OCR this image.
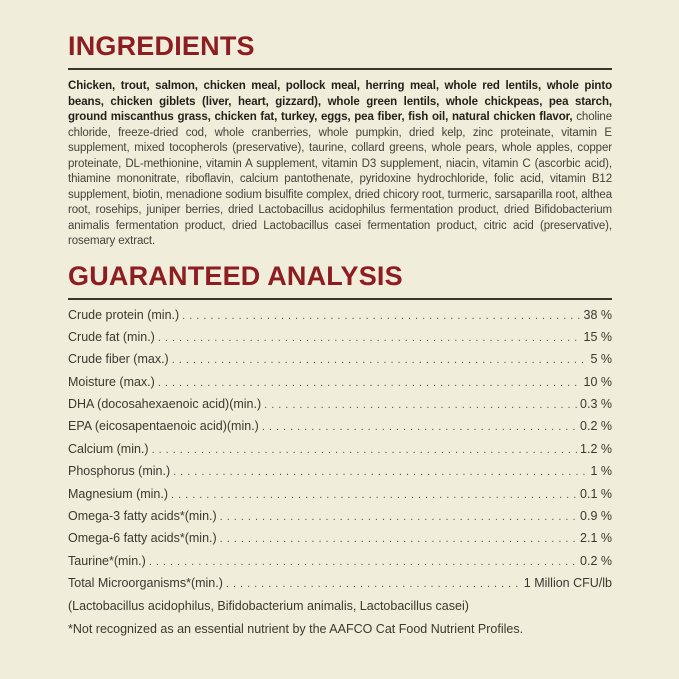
INGREDIENTS

Chicken, trout, salmon, chicken meal, pollock meal, herring meal, whole red lentils, whole pinto beans, chicken giblets (liver, heart, gizzard), whole green lentils, whole chickpeas, pea starch, ground miscanthus grass, chicken fat, turkey, eggs, pea fiber, fish oil, natural chicken flavor, choline chloride, freeze-dried cod, whole cranberries, whole pumpkin, dried kelp, zinc proteinate, vitamin E supplement, mixed tocopherols (preservative), taurine, collard greens, whole pears, whole apples, copper proteinate, DL-methionine, vitamin A supplement, vitamin D3 supplement, niacin, vitamin C (ascorbic acid), thiamine mononitrate, riboflavin, calcium pantothenate, pyridoxine hydrochloride, folic acid, vitamin B12 supplement, biotin, menadione sodium bisulfite complex, dried chicory root, turmeric, sarsaparilla root, althea root, rosehips, juniper berries, dried Lactobacillus acidophilus fermentation product, dried Bifidobacterium animalis fermentation product, dried Lactobacillus casei fermentation product, citric acid (preservative), rosemary extract.

GUARANTEED ANALYSIS
Crude protein (min.) .....	38 %
Crude fat (min.) .....	15 %
Crude fiber (max.) .....	5 %
Moisture (max.) .....	10 %
DHA (docosahexaenoic acid)(min.) .....	0.3 %
EPA (eicosapentaenoic acid)(min.) .....	0.2 %
Calcium (min.) .....	1.2 %
Phosphorus (min.) .....	1 %
Magnesium (min.) .....	0.1 %
Omega-3 fatty acids*(min.) .....	0.9 %
Omega-6 fatty acids*(min.) .....	2.1 %
Taurine*(min.) .....	0.2 %
Total Microorganisms*(min.) .....	1 Million CFU/lb

(Lactobacillus acidophilus, Bifidobacterium animalis, Lactobacillus casei)

*Not recognized as an essential nutrient by the AAFCO Cat Food Nutrient Profiles.
